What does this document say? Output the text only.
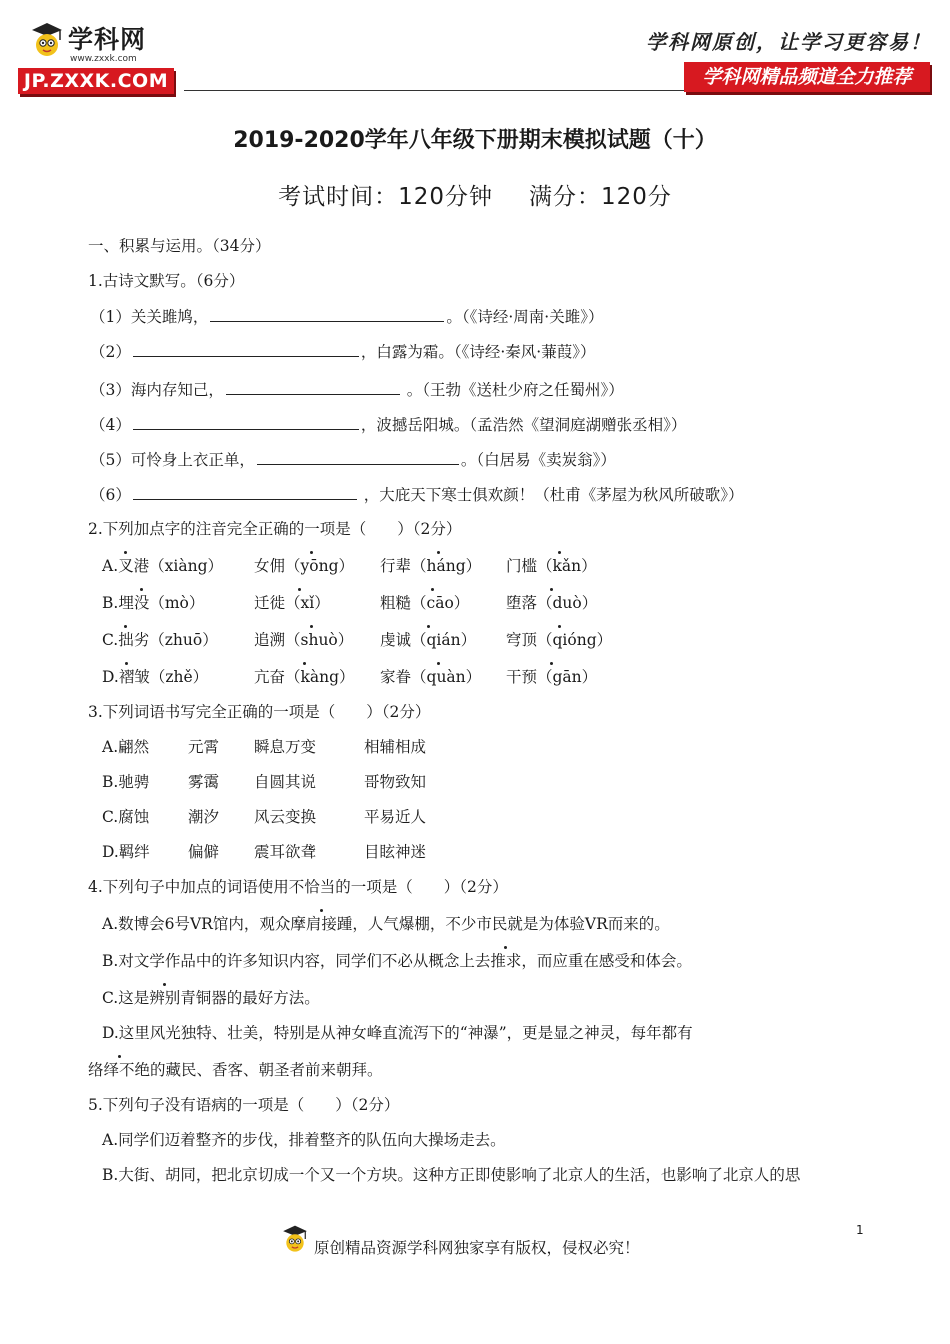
学科网
www.zxxk.com
JP.ZXXK.COM
学科网原创，让学习更容易！
学科网精品频道全力推荐
2019-2020学年八年级下册期末模拟试题（十）
考试时间：120分钟 满分：120分
一、积累与运用。（34分）
1.古诗文默写。（6分）
（1）关关雎鸠，	。（《诗经·周南·关雎》）
（2）	，白露为霜。（《诗经·秦风·蒹葭》）
（3）海内存知己，	。（王勃《送杜少府之任蜀州》）
（4）	，波撼岳阳城。（孟浩然《望洞庭湖赠张丞相》）
（5）可怜身上衣正单，	。（白居易《卖炭翁》）
（6）	，大庇天下寒士俱欢颜！（杜甫《茅屋为秋风所破歌》）
2.下列加点字的注音完全正确的一项是（　　）（2分）
A.叉港（xiàng） 女佣（yōng） 行辈（háng） 门槛（kǎn）
B.埋没（mò）	迁徙（xǐ）	粗糙（cāo） 堕落（duò）
C.拙劣（zhuō） 追溯（shuò） 虔诚（qián） 穹顶（qióng）
D.褶皱（zhě）	亢奋（kàng） 家眷（quàn） 干预（gān）
3.下列词语书写完全正确的一项是（　　）（2分）
A.翩然	元霄 瞬息万变	相辅相成
B.驰骋 雾霭 自圆其说	哥物致知
C.腐蚀	潮汐 风云变换	平易近人
D.羁绊 偏僻 震耳欲聋	目眩神迷
4.下列句子中加点的词语使用不恰当的一项是（　　）（2分）
A.数博会6号VR馆内，观众摩肩接踵，人气爆棚，不少市民就是为体验VR而来的。
B.对文学作品中的许多知识内容，同学们不必从概念上去推求，而应重在感受和体会。
C.这是辨别青铜器的最好方法。
D.这里风光独特、壮美，特别是从神女峰直流泻下的“神瀑”，更是显之神灵，每年都有
络绎不绝的藏民、香客、朝圣者前来朝拜。
5.下列句子没有语病的一项是（　　）（2分）
A.同学们迈着整齐的步伐，排着整齐的队伍向大操场走去。
B.大街、胡同，把北京切成一个又一个方块。这种方正即使影响了北京人的生活，也影响了北京人的思
1
原创精品资源学科网独家享有版权，侵权必究！
